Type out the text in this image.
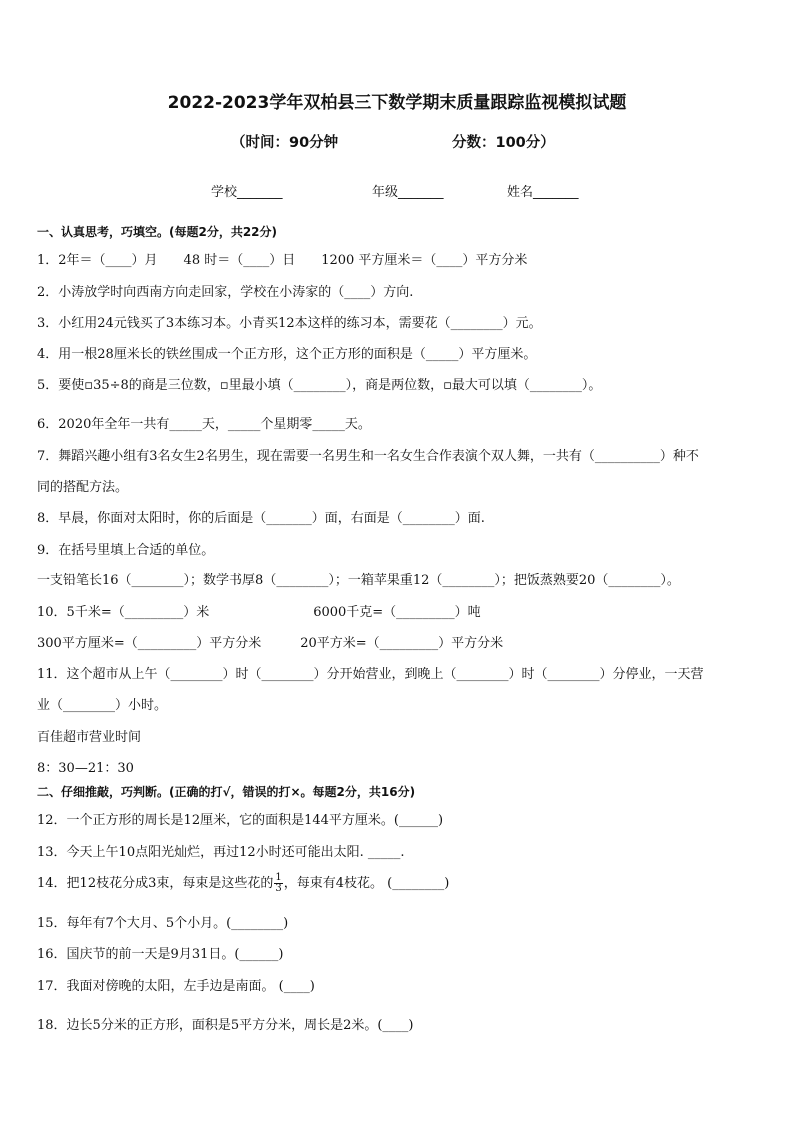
2022-2023学年双柏县三下数学期末质量跟踪监视模拟试题
（时间：90分钟	分数：100分）
学校_______	年级_______	姓名_______
一、认真思考，巧填空。(每题2分，共22分)
1．2年＝（____）月　　48 时＝（____）日　　1200 平方厘米＝（____）平方分米
2．小涛放学时向西南方向走回家，学校在小涛家的（____）方向.
3．小红用24元钱买了3本练习本。小青买12本这样的练习本，需要花（________）元。
4．用一根28厘米长的铁丝围成一个正方形，这个正方形的面积是（_____）平方厘米。
5．要使▫35÷8的商是三位数，▫里最小填（________），商是两位数，▫最大可以填（________）。
6．2020年全年一共有_____天，_____个星期零_____天。
7．舞蹈兴趣小组有3名女生2名男生，现在需要一名男生和一名女生合作表演个双人舞，一共有（__________）种不
同的搭配方法。
8．早晨，你面对太阳时，你的后面是（_______）面，右面是（________）面.
9．在括号里填上合适的单位。
一支铅笔长16（________）；数学书厚8（________）；一箱苹果重12（________）；把饭蒸熟要20（________）。
10．5千米=（_________）米　　　　　　　　6000千克=（_________）吨
300平方厘米=（_________）平方分米　　　20平方米=（_________）平方分米
11．这个超市从上午（________）时（________）分开始营业，到晚上（________）时（________）分停业，一天营
业（________）小时。
百佳超市营业时间
8：30—21：30
二、仔细推敲，巧判断。(正确的打√，错误的打×。每题2分，共16分)
12．一个正方形的周长是12厘米，它的面积是144平方厘米。(______)
13．今天上午10点阳光灿烂，再过12小时还可能出太阳. _____.
14．把12枝花分成3束，每束是这些花的 $\frac{1}{3}$ ，每束有4枝花。 (________)
15．每年有7个大月、5个小月。(________)
16．国庆节的前一天是9月31日。(______)
17．我面对傍晚的太阳，左手边是南面。 (____)
18．边长5分米的正方形，面积是5平方分米，周长是2米。(____)
